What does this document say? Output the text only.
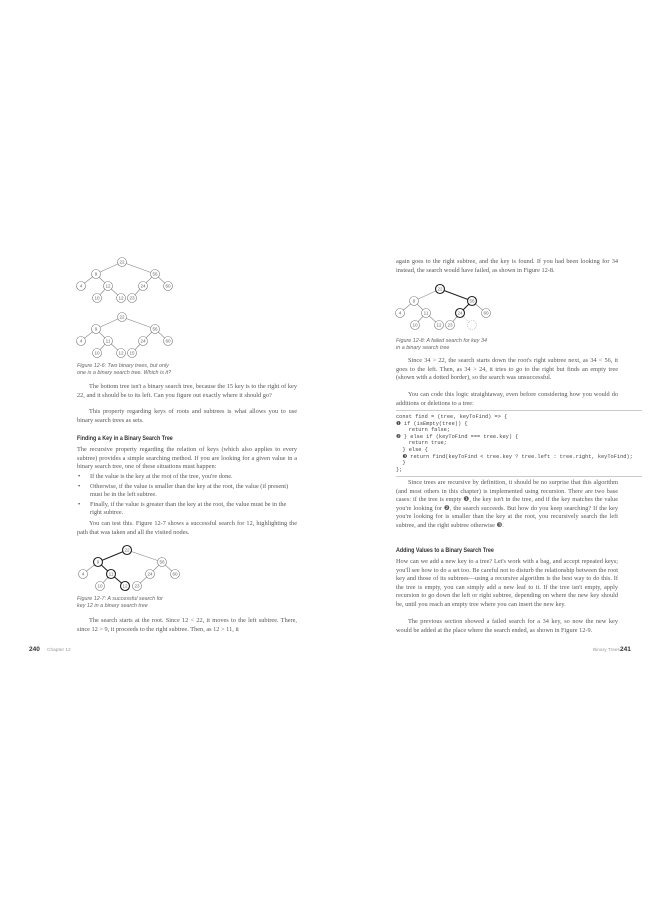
22
9	56
4	12	24	60
10	12 23
22
9	56
4	11	24	60
10	12 15
Figure 12-6: Two binary trees, but only
one is a binary search tree. Which is it?

The bottom tree isn't a binary search tree, because the 15 key is to the right of key 22, and it should be to its left. Can you figure out exactly where it should go?

This property regarding keys of roots and subtrees is what allows you to use binary search trees as sets.

Finding a Key in a Binary Search Tree

The recursive property regarding the relation of keys (which also applies to every subtree) provides a simple searching method. If you are looking for a given value in a binary search tree, one of these situations must happen:

• If the value is the key at the root of the tree, you're done.
• Otherwise, if the value is smaller than the key at the root, the value (if present) must be in the left subtree.
• Finally, if the value is greater than the key at the root, the value must be in the right subtree.

You can test this. Figure 12-7 shows a successful search for 12, highlighting the path that was taken and all the visited nodes.

22
9	56
4	11	24	60
10	12 23
Figure 12-7: A successful search for
key 12 in a binary search tree

The search starts at the root. Since 12 < 22, it moves to the left subtree. There, since 12 > 9, it proceeds to the right subtree. Then, as 12 > 11, it

240 Chapter 12

again goes to the right subtree, and the key is found. If you had been looking for 34 instead, the search would have failed, as shown in Figure 12-8.

22
9	56
4	11	24	60
10	12 23
Figure 12-8: A failed search for key 34
in a binary search tree

Since 34 > 22, the search starts down the root's right subtree next, as 34 < 56, it goes to the left. Then, as 34 > 24, it tries to go to the right but finds an empty tree (shown with a dotted border), so the search was unsuccessful.

You can code this logic straightaway, even before considering how you would do additions or deletions to a tree:

const find = (tree, keyToFind) => {
❶ if (isEmpty(tree)) {
return false;
❷ } else if (keyToFind === tree.key) {
return true;
} else {
❸ return find(keyToFind < tree.key ? tree.left : tree.right, keyToFind);
}
};

Since trees are recursive by definition, it should be no surprise that this algorithm (and most others in this chapter) is implemented using recursion. There are two base cases: if the tree is empty ❶, the key isn't in the tree, and if the key matches the value you're looking for ❷, the search succeeds. But how do you keep searching? If the key you're looking for is smaller than the key at the root, you recursively search the left subtree, and the right subtree otherwise ❸.

Adding Values to a Binary Search Tree

How can we add a new key to a tree? Let's work with a bag, and accept repeated keys; you'll see how to do a set too. Be careful not to disturb the relationship between the root key and those of its subtrees—using a recursive algorithm is the best way to do this. If the tree is empty, you can simply add a new leaf to it. If the tree isn't empty, apply recursion to go down the left or right subtree, depending on where the new key should be, until you reach an empty tree where you can insert the new key.

The previous section showed a failed search for a 34 key, so now the new key would be added at the place where the search ended, as shown in Figure 12-9.

Binary Trees 241
